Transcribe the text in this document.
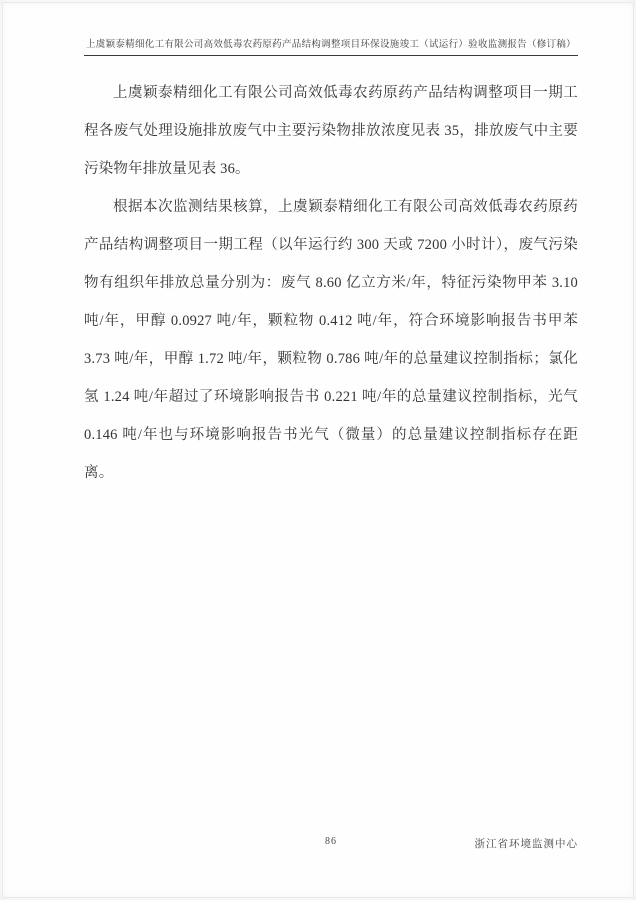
上虞颖泰精细化工有限公司高效低毒农药原药产品结构调整项目环保设施竣工（试运行）验收监测报告（修订稿）

上虞颖泰精细化工有限公司高效低毒农药原药产品结构调整项目一期工程各废气处理设施排放废气中主要污染物排放浓度见表 35，排放废气中主要污染物年排放量见表 36。

根据本次监测结果核算，上虞颖泰精细化工有限公司高效低毒农药原药产品结构调整项目一期工程（以年运行约 300 天或 7200 小时计），废气污染物有组织年排放总量分别为：废气 8.60 亿立方米/年，特征污染物甲苯 3.10 吨/年，甲醇 0.0927 吨/年，颗粒物 0.412 吨/年，符合环境影响报告书甲苯 3.73 吨/年，甲醇 1.72 吨/年，颗粒物 0.786 吨/年的总量建议控制指标；氯化氢 1.24 吨/年超过了环境影响报告书 0.221 吨/年的总量建议控制指标，光气 0.146 吨/年也与环境影响报告书光气（微量）的总量建议控制指标存在距离。

86	浙江省环境监测中心
